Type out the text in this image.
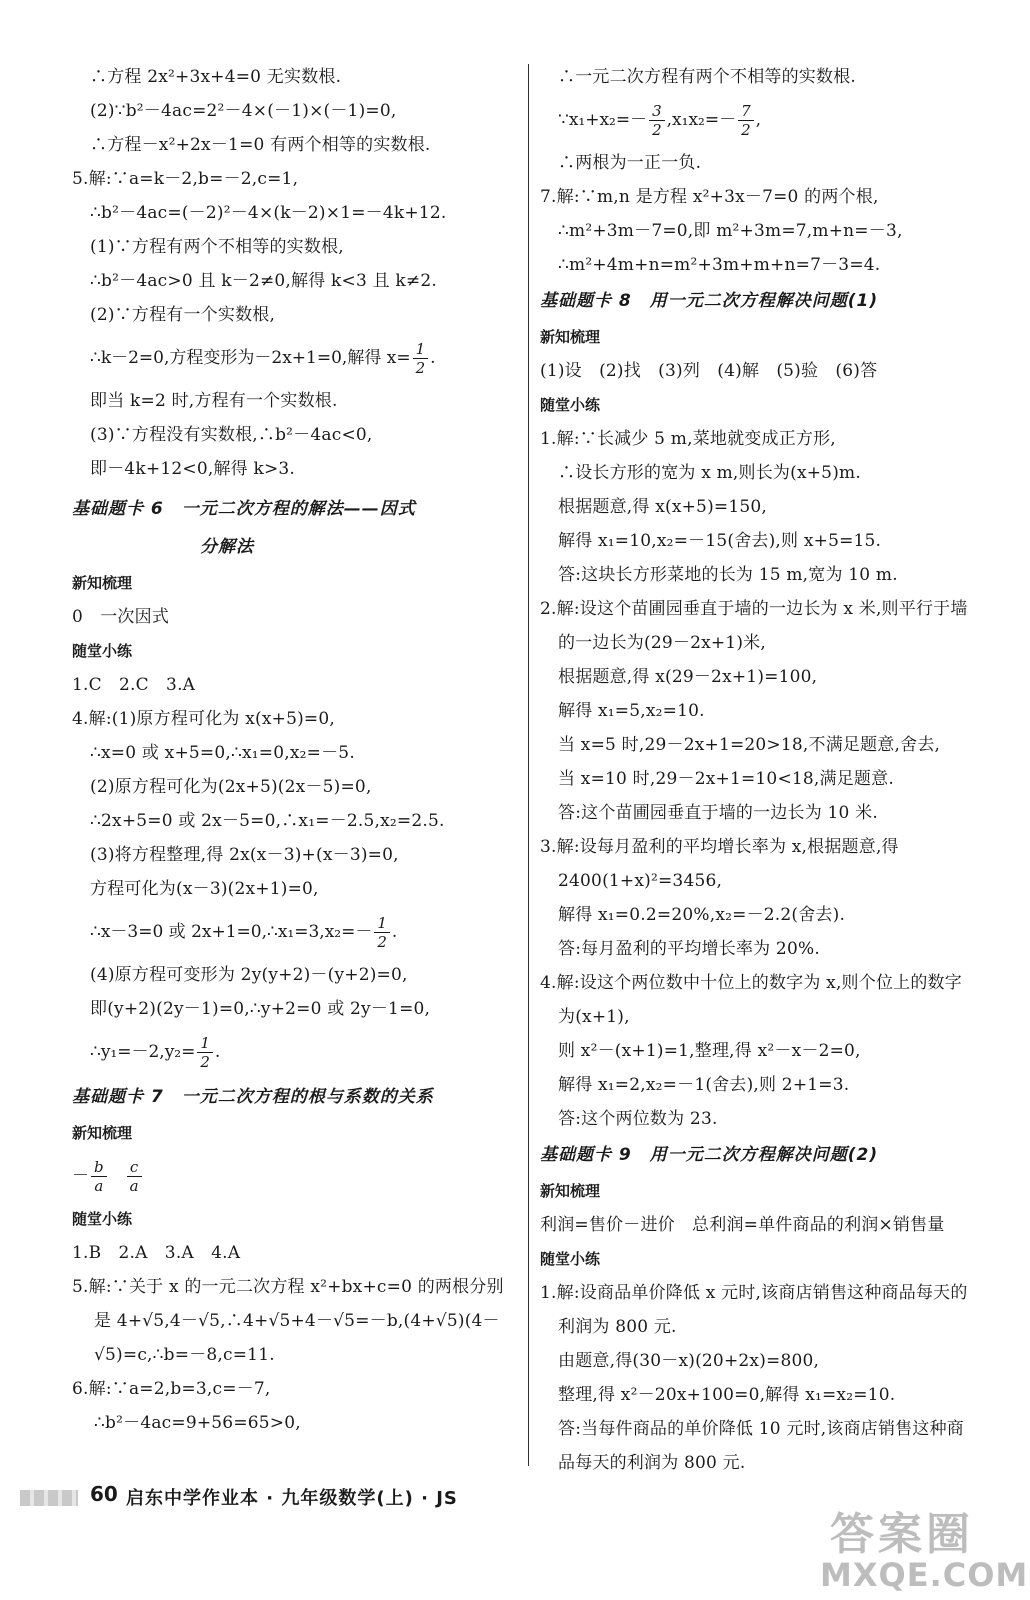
∴方程 2x²+3x+4=0 无实数根.
(2)∵b²－4ac=2²－4×(－1)×(－1)=0,
∴方程－x²+2x－1=0 有两个相等的实数根.
5.解:∵a=k－2,b=－2,c=1,
∴b²－4ac=(－2)²－4×(k－2)×1=－4k+12.
(1)∵方程有两个不相等的实数根,
∴b²－4ac>0 且 k－2≠0,解得 k<3 且 k≠2.
(2)∵方程有一个实数根,
∴k－2=0,方程变形为－2x+1=0,解得 $x= \frac{1}{2}$ .
即当 k=2 时,方程有一个实数根.
(3)∵方程没有实数根,∴b²－4ac<0,
即－4k+12<0,解得 k>3.
基础题卡 6　一元二次方程的解法——因式
分解法
新知梳理
0　一次因式
随堂小练
1.C　2.C　3.A
4.解:(1)原方程可化为 x(x+5)=0,
∴x=0 或 x+5=0,∴x₁=0,x₂=－5.
(2)原方程可化为(2x+5)(2x－5)=0,
∴2x+5=0 或 2x－5=0,∴x₁=－2.5,x₂=2.5.
(3)将方程整理,得 2x(x－3)+(x－3)=0,
方程可化为(x－3)(2x+1)=0,
∴x－3=0 或 2x+1=0,∴x₁=3,x₂=－ $\frac{1}{2}$ .
(4)原方程可变形为 2y(y+2)－(y+2)=0,
即(y+2)(2y－1)=0,∴y+2=0 或 2y－1=0,
∴y₁=－2,y₂= $\frac{1}{2}$ .
基础题卡 7　一元二次方程的根与系数的关系
新知梳理
－ $\frac{b}{a} \frac{c}{a}$
随堂小练
1.B　2.A　3.A　4.A
5.解:∵关于 x 的一元二次方程 x²+bx+c=0 的两根分别
是 4+√5,4－√5,∴4+√5+4－√5=－b,(4+√5)(4－
√5)=c,∴b=－8,c=11.
6.解:∵a=2,b=3,c=－7,
∴b²－4ac=9+56=65>0,
∴一元二次方程有两个不相等的实数根.
∵x₁+x₂=－ $\frac{3}{2} ,x_1x_2=- \frac{7}{2}$ ,
∴两根为一正一负.
7.解:∵m,n 是方程 x²+3x－7=0 的两个根,
∴m²+3m－7=0,即 m²+3m=7,m+n=－3,
∴m²+4m+n=m²+3m+m+n=7－3=4.
基础题卡 8　用一元二次方程解决问题(1)
新知梳理
(1)设　(2)找　(3)列　(4)解　(5)验　(6)答
随堂小练
1.解:∵长减少 5 m,菜地就变成正方形,
∴设长方形的宽为 x m,则长为(x+5)m.
根据题意,得 x(x+5)=150,
解得 x₁=10,x₂=－15(舍去),则 x+5=15.
答:这块长方形菜地的长为 15 m,宽为 10 m.
2.解:设这个苗圃园垂直于墙的一边长为 x 米,则平行于墙
的一边长为(29－2x+1)米,
根据题意,得 x(29－2x+1)=100,
解得 x₁=5,x₂=10.
当 x=5 时,29－2x+1=20>18,不满足题意,舍去,
当 x=10 时,29－2x+1=10<18,满足题意.
答:这个苗圃园垂直于墙的一边长为 10 米.
3.解:设每月盈利的平均增长率为 x,根据题意,得
2400(1+x)²=3456,
解得 x₁=0.2=20%,x₂=－2.2(舍去).
答:每月盈利的平均增长率为 20%.
4.解:设这个两位数中十位上的数字为 x,则个位上的数字
为(x+1),
则 x²－(x+1)=1,整理,得 x²－x－2=0,
解得 x₁=2,x₂=－1(舍去),则 2+1=3.
答:这个两位数为 23.
基础题卡 9　用一元二次方程解决问题(2)
新知梳理
利润=售价－进价　总利润=单件商品的利润×销售量
随堂小练
1.解:设商品单价降低 x 元时,该商店销售这种商品每天的
利润为 800 元.
由题意,得(30－x)(20+2x)=800,
整理,得 x²－20x+100=0,解得 x₁=x₂=10.
答:当每件商品的单价降低 10 元时,该商店销售这种商
品每天的利润为 800 元.
60 启东中学作业本 · 九年级数学(上) · JS
答案圈
MXQE.COM
